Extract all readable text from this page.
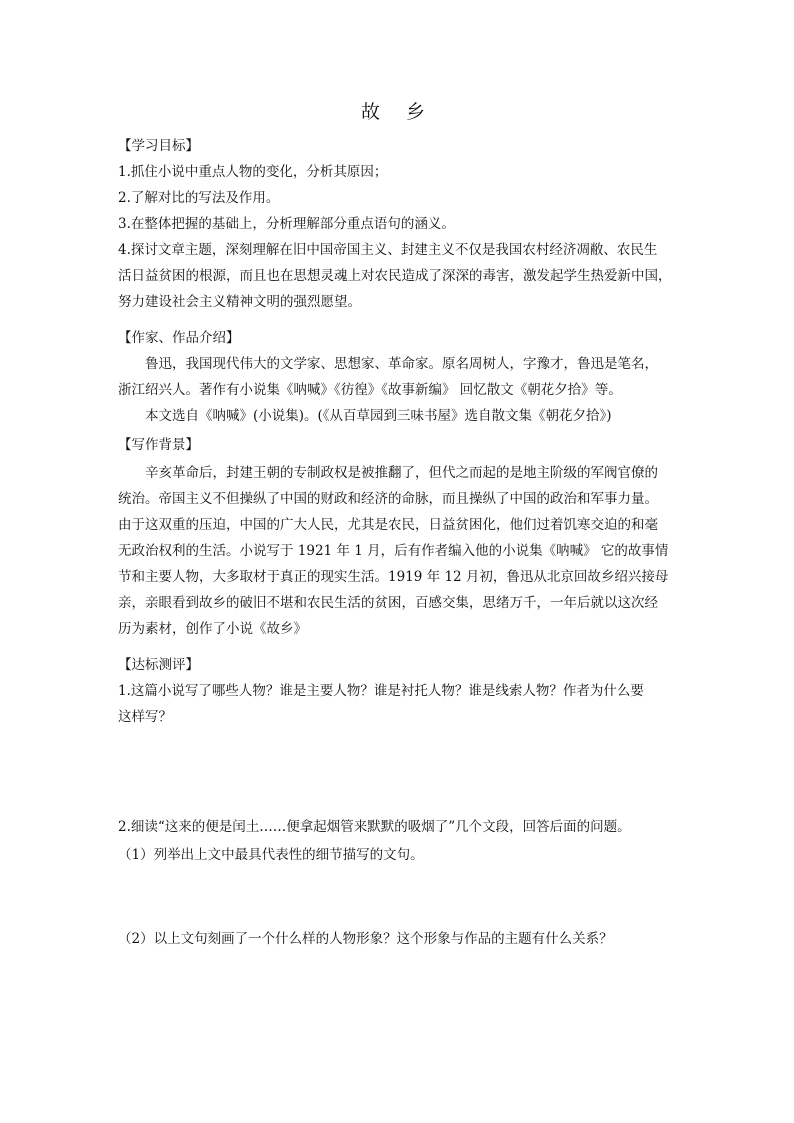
故 乡
【学习目标】
1.抓住小说中重点人物的变化，分析其原因；
2.了解对比的写法及作用。
3.在整体把握的基础上，分析理解部分重点语句的涵义。
4.探讨文章主题，深刻理解在旧中国帝国主义、封建主义不仅是我国农村经济凋敝、农民生
活日益贫困的根源，而且也在思想灵魂上对农民造成了深深的毒害，激发起学生热爱新中国，
努力建设社会主义精神文明的强烈愿望。
【作家、作品介绍】
鲁迅，我国现代伟大的文学家、思想家、革命家。原名周树人，字豫才，鲁迅是笔名，
浙江绍兴人。著作有小说集《呐喊》《彷徨》《故事新编》 回忆散文《朝花夕拾》等。
本文选自《呐喊》(小说集)。(《从百草园到三味书屋》选自散文集《朝花夕拾》)
【写作背景】
辛亥革命后，封建王朝的专制政权是被推翻了，但代之而起的是地主阶级的军阀官僚的
统治。帝国主义不但操纵了中国的财政和经济的命脉，而且操纵了中国的政治和军事力量。
由于这双重的压迫，中国的广大人民，尤其是农民，日益贫困化，他们过着饥寒交迫的和毫
无政治权利的生活。小说写于 1921 年 1 月，后有作者编入他的小说集《呐喊》 它的故事情
节和主要人物，大多取材于真正的现实生活。1919 年 12 月初，鲁迅从北京回故乡绍兴接母
亲，亲眼看到故乡的破旧不堪和农民生活的贫困，百感交集，思绪万千，一年后就以这次经
历为素材，创作了小说《故乡》
【达标测评】
1.这篇小说写了哪些人物？谁是主要人物？谁是衬托人物？谁是线索人物？作者为什么要
这样写？
2.细读“这来的便是闰土……便拿起烟管来默默的吸烟了”几个文段，回答后面的问题。
（1）列举出上文中最具代表性的细节描写的文句。
（2）以上文句刻画了一个什么样的人物形象？这个形象与作品的主题有什么关系？
